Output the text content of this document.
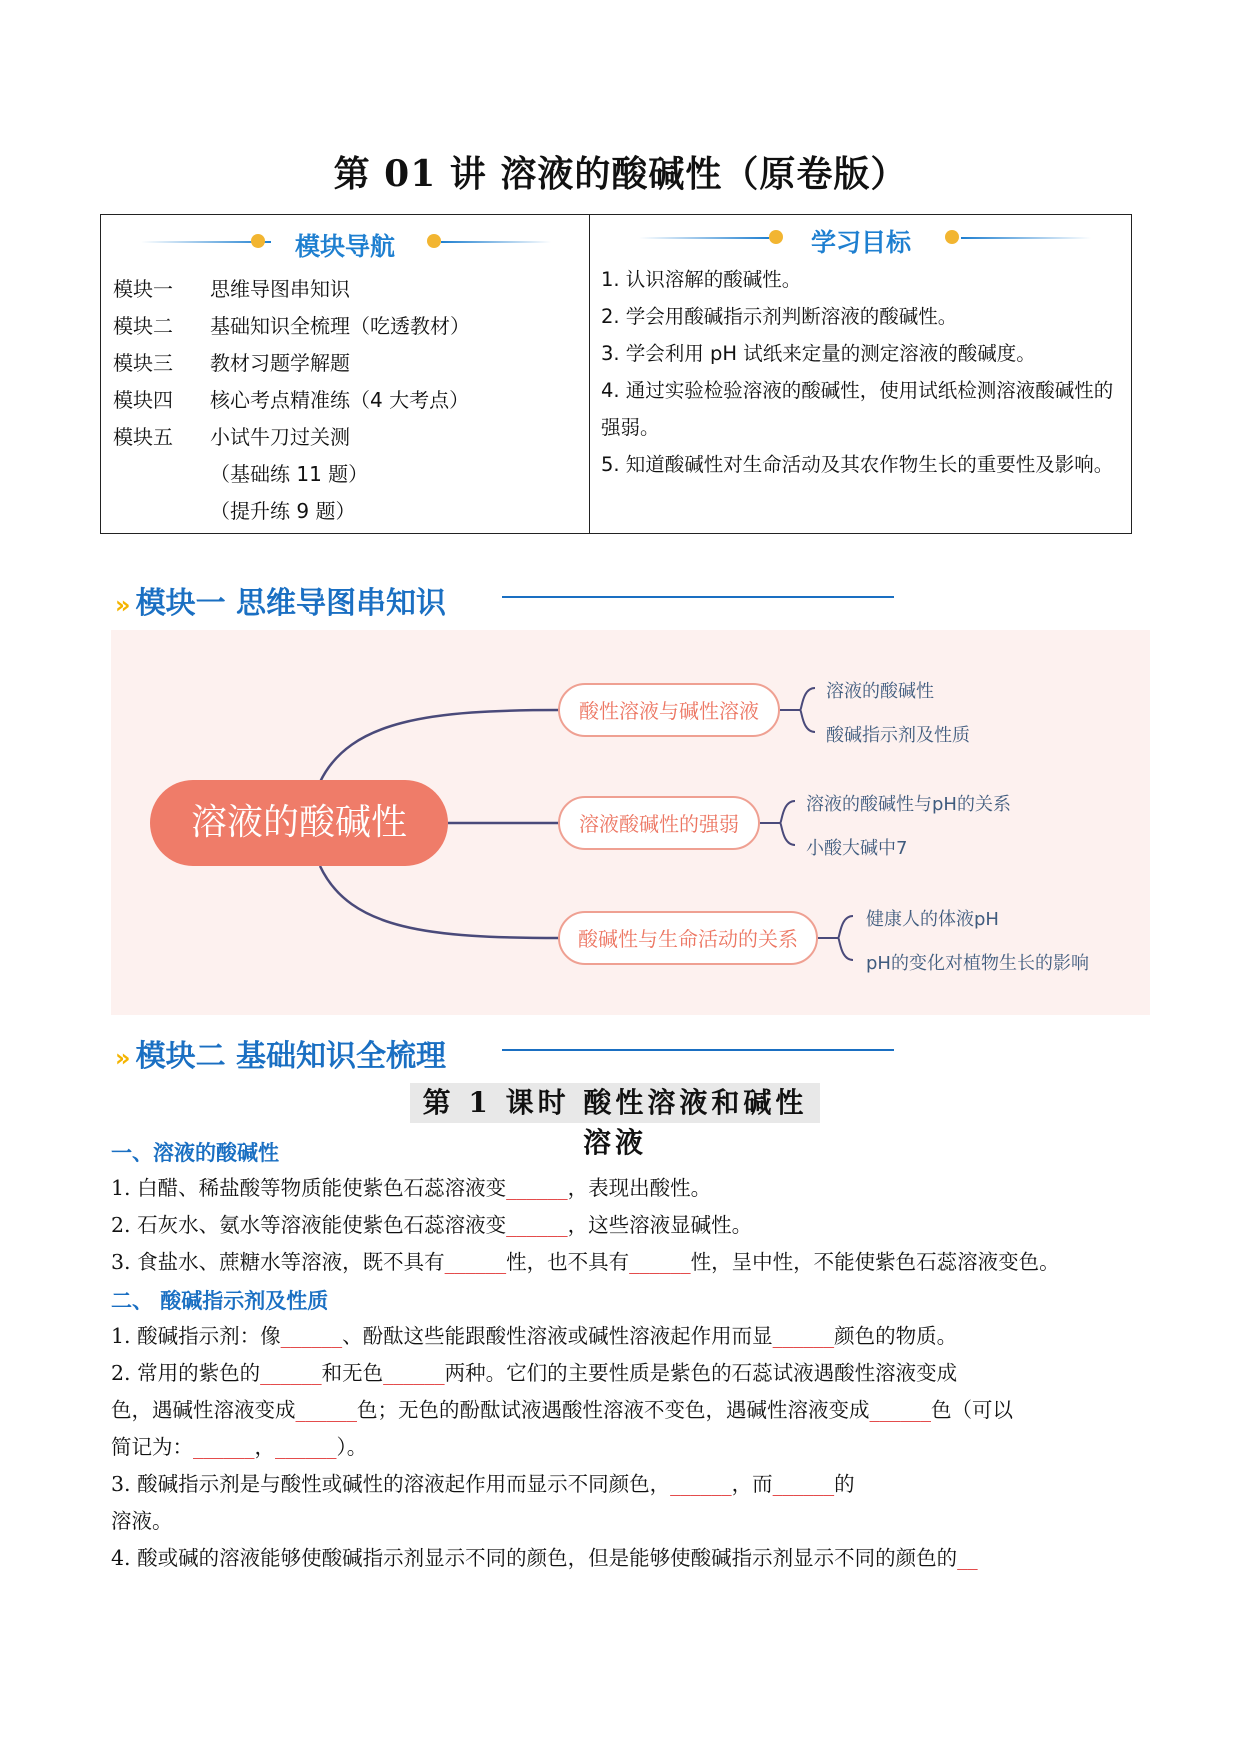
第 01 讲 溶液的酸碱性（原卷版）
模块导航
模块一 思维导图串知识
模块二 基础知识全梳理（吃透教材）
模块三 教材习题学解题
模块四 核心考点精准练（4 大考点）
模块五 小试牛刀过关测
（基础练 11 题）
（提升练 9 题）
学习目标
1. 认识溶解的酸碱性。
2. 学会用酸碱指示剂判断溶液的酸碱性。
3. 学会利用 pH 试纸来定量的测定溶液的酸碱度。
4. 通过实验检验溶液的酸碱性，使用试纸检测溶液酸碱性的强弱。
5. 知道酸碱性对生命活动及其农作物生长的重要性及影响。
» 模块一 思维导图串知识
溶液的酸碱性
酸性溶液与碱性溶液
溶液酸碱性的强弱
酸碱性与生命活动的关系
溶液的酸碱性
酸碱指示剂及性质
溶液的酸碱性与pH的关系
小酸大碱中7
健康人的体液pH
pH的变化对植物生长的影响
» 模块二 基础知识全梳理
第 1 课时 酸性溶液和碱性溶液
一、溶液的酸碱性
1. 白醋、稀盐酸等物质能使紫色石蕊溶液变______，表现出酸性。
2. 石灰水、氨水等溶液能使紫色石蕊溶液变______，这些溶液显碱性。
3. 食盐水、蔗糖水等溶液，既不具有______性，也不具有______性，呈中性，不能使紫色石蕊溶液变色。
二、 酸碱指示剂及性质
1. 酸碱指示剂：像______、酚酞这些能跟酸性溶液或碱性溶液起作用而显______颜色的物质。
2. 常用的紫色的______和无色______两种。它们的主要性质是紫色的石蕊试液遇酸性溶液变成
色，遇碱性溶液变成______色；无色的酚酞试液遇酸性溶液不变色，遇碱性溶液变成______色（可以
简记为：______，______）。
3. 酸碱指示剂是与酸性或碱性的溶液起作用而显示不同颜色，______，而______的
溶液。
4. 酸或碱的溶液能够使酸碱指示剂显示不同的颜色，但是能够使酸碱指示剂显示不同的颜色的__
